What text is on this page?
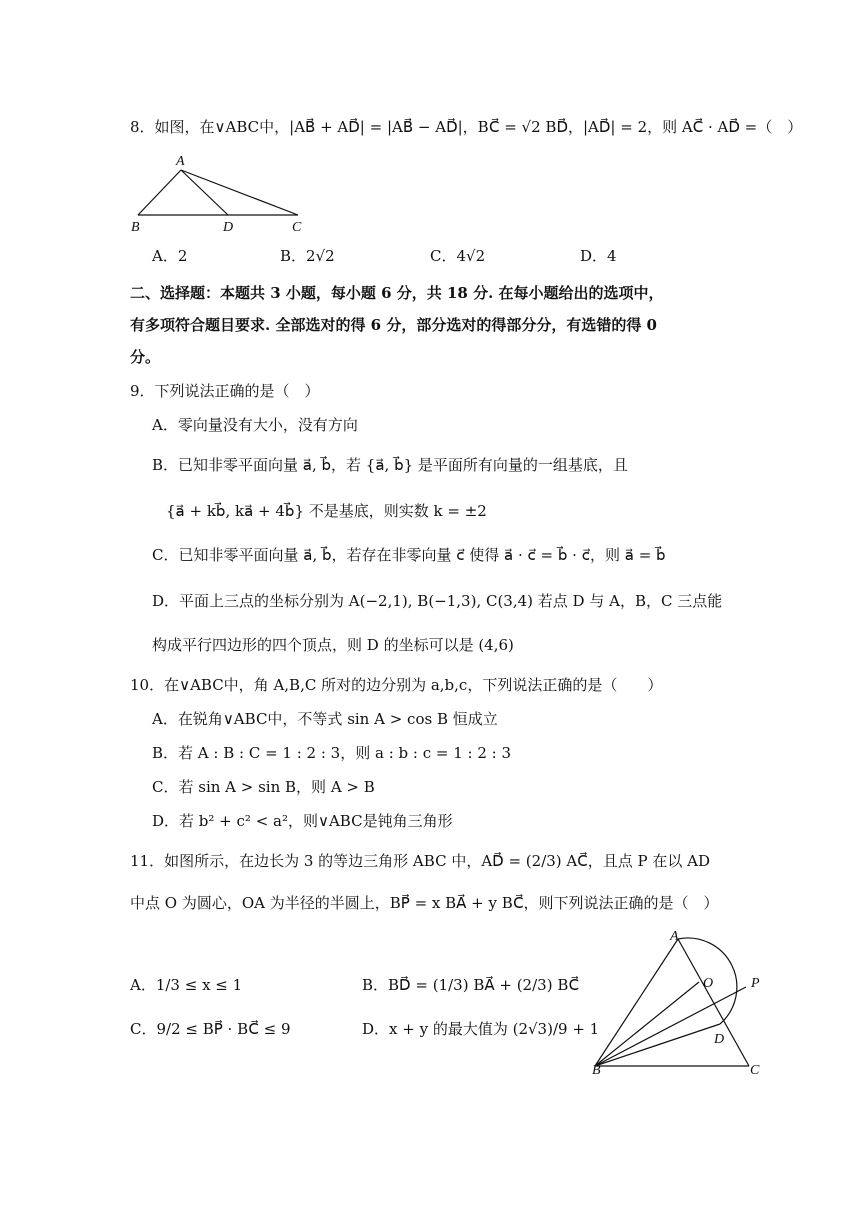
8．如图，在∨ABC中，|AB⃗ + AD⃗| = |AB⃗ − AD⃗|，BC⃗ = √2 BD⃗，|AD⃗| = 2，则 AC⃗ · AD⃗ =（　）
A
B	D	C
A．2	B．2√2	C．4√2	D．4
二、选择题：本题共 3 小题，每小题 6 分，共 18 分. 在每小题给出的选项中，
有多项符合题目要求. 全部选对的得 6 分，部分选对的得部分分，有选错的得 0
分。
9．下列说法正确的是（　）
A．零向量没有大小，没有方向
B．已知非零平面向量 a⃗, b⃗，若 {a⃗, b⃗} 是平面所有向量的一组基底，且
{a⃗ + kb⃗, ka⃗ + 4b⃗} 不是基底，则实数 k = ±2
C．已知非零平面向量 a⃗, b⃗，若存在非零向量 c⃗ 使得 a⃗ · c⃗ = b⃗ · c⃗，则 a⃗ = b⃗
D．平面上三点的坐标分别为 A(−2,1), B(−1,3), C(3,4) 若点 D 与 A，B，C 三点能
构成平行四边形的四个顶点，则 D 的坐标可以是 (4,6)
10．在∨ABC中，角 A,B,C 所对的边分别为 a,b,c，下列说法正确的是（　　）
A．在锐角∨ABC中，不等式 sin A > cos B 恒成立
B．若 A : B : C = 1 : 2 : 3，则 a : b : c = 1 : 2 : 3
C．若 sin A > sin B，则 A > B
D．若 b² + c² < a²，则∨ABC是钝角三角形
11．如图所示，在边长为 3 的等边三角形 ABC 中，AD⃗ = (2/3) AC⃗，且点 P 在以 AD
中点 O 为圆心，OA 为半径的半圆上，BP⃗ = x BA⃗ + y BC⃗，则下列说法正确的是（　）
A．1/3 ≤ x ≤ 1	B．BD⃗ = (1/3) BA⃗ + (2/3) BC⃗
C．9/2 ≤ BP⃗ · BC⃗ ≤ 9	D．x + y 的最大值为 (2√3)/9 + 1
A
O	P
D
B	C
